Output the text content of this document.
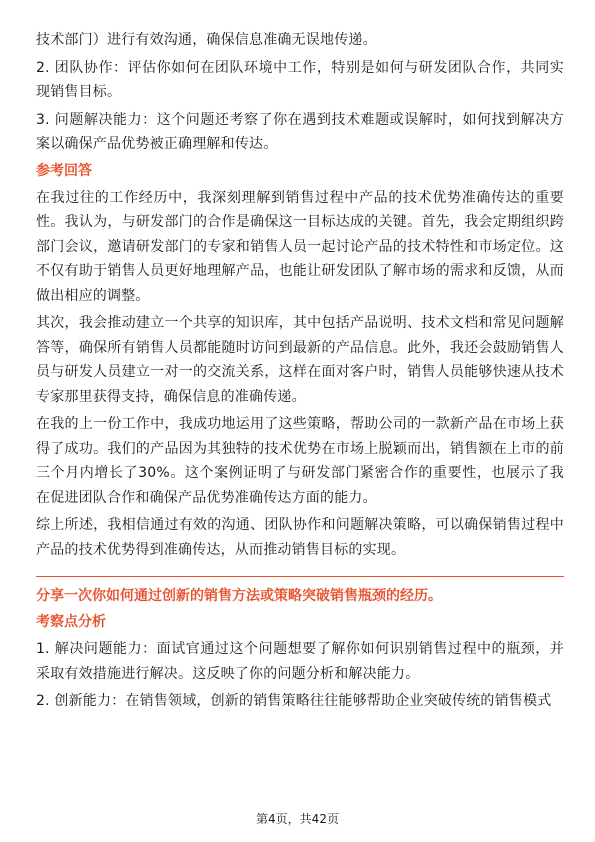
技术部门）进行有效沟通，确保信息准确无误地传递。

2. 团队协作：评估你如何在团队环境中工作，特别是如何与研发团队合作，共同实现销售目标。

3. 问题解决能力：这个问题还考察了你在遇到技术难题或误解时，如何找到解决方案以确保产品优势被正确理解和传达。

参考回答

在我过往的工作经历中，我深刻理解到销售过程中产品的技术优势准确传达的重要性。我认为，与研发部门的合作是确保这一目标达成的关键。首先，我会定期组织跨部门会议，邀请研发部门的专家和销售人员一起讨论产品的技术特性和市场定位。这不仅有助于销售人员更好地理解产品，也能让研发团队了解市场的需求和反馈，从而做出相应的调整。

其次，我会推动建立一个共享的知识库，其中包括产品说明、技术文档和常见问题解答等，确保所有销售人员都能随时访问到最新的产品信息。此外，我还会鼓励销售人员与研发人员建立一对一的交流关系，这样在面对客户时，销售人员能够快速从技术专家那里获得支持，确保信息的准确传递。

在我的上一份工作中，我成功地运用了这些策略，帮助公司的一款新产品在市场上获得了成功。我们的产品因为其独特的技术优势在市场上脱颖而出，销售额在上市的前三个月内增长了30%。这个案例证明了与研发部门紧密合作的重要性，也展示了我在促进团队合作和确保产品优势准确传达方面的能力。

综上所述，我相信通过有效的沟通、团队协作和问题解决策略，可以确保销售过程中产品的技术优势得到准确传达，从而推动销售目标的实现。

分享一次你如何通过创新的销售方法或策略突破销售瓶颈的经历。
考察点分析

1. 解决问题能力：面试官通过这个问题想要了解你如何识别销售过程中的瓶颈，并采取有效措施进行解决。这反映了你的问题分析和解决能力。

2. 创新能力：在销售领域，创新的销售策略往往能够帮助企业突破传统的销售模式

第4页，共42页
